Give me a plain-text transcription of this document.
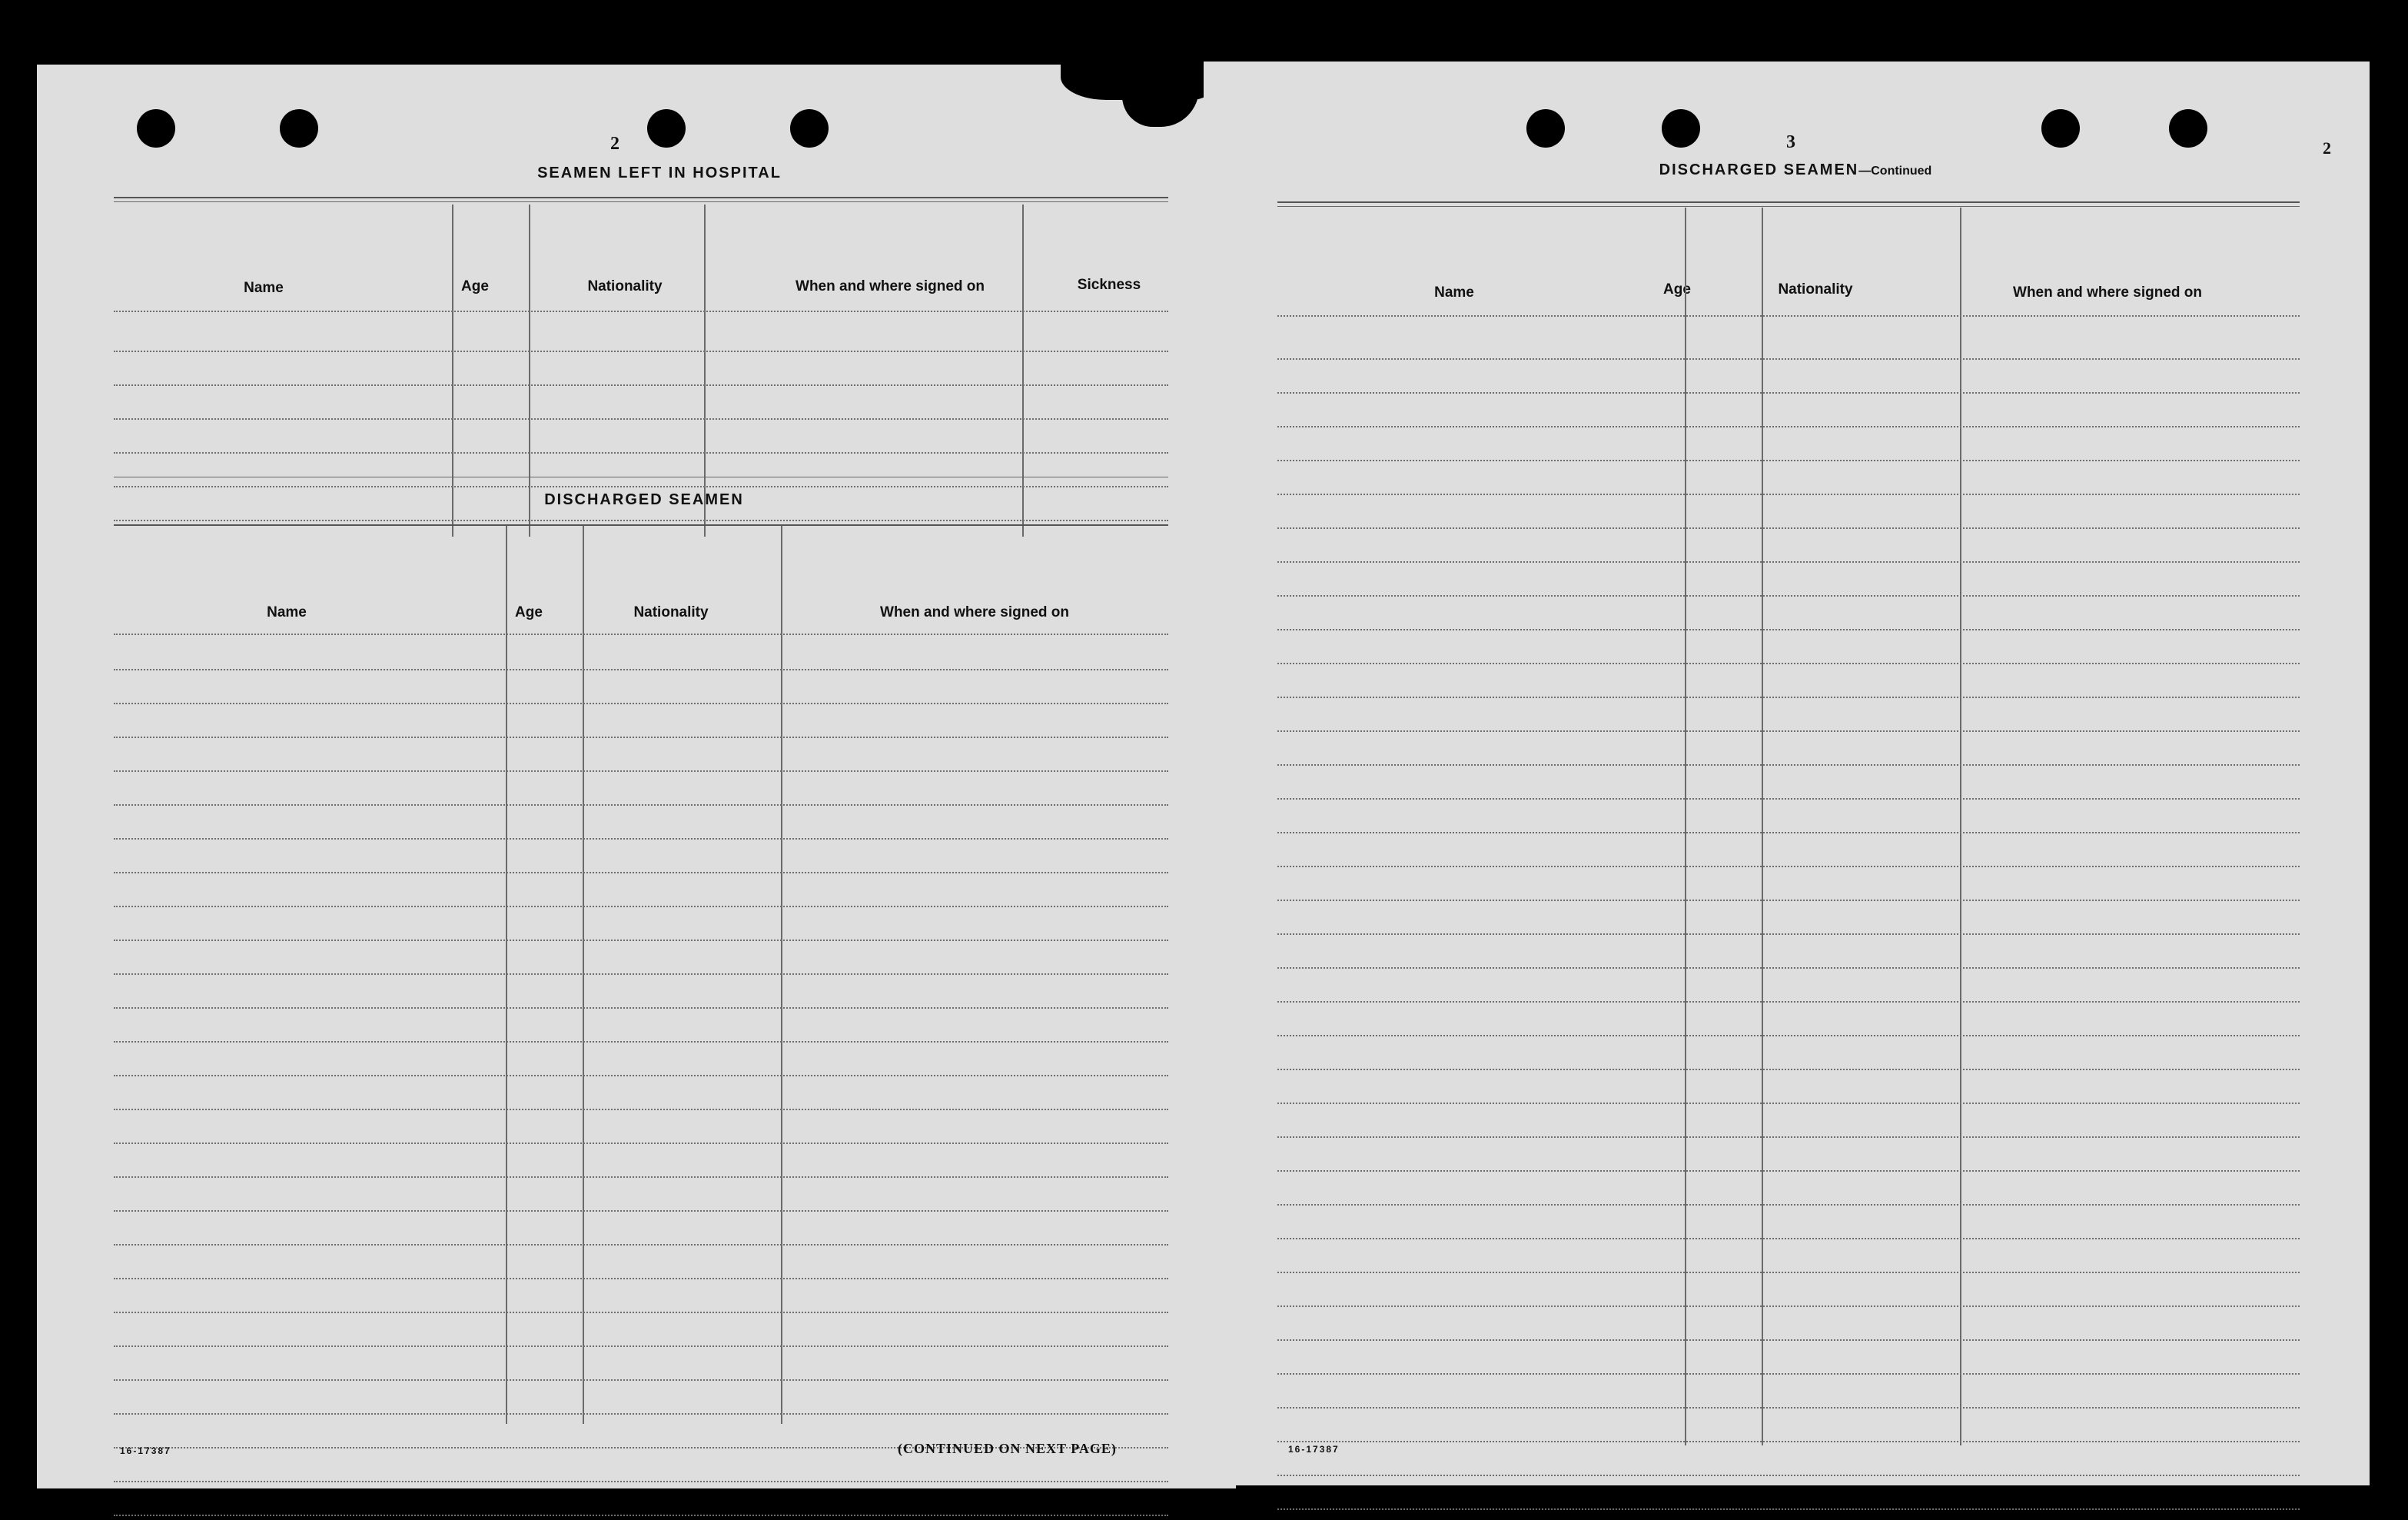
2
SEAMEN LEFT IN HOSPITAL
Name	Age	Nationality	When and where signed on	Sickness
DISCHARGED SEAMEN
Name	Age	Nationality	When and where signed on
16-17387	(CONTINUED ON NEXT PAGE)
3
DISCHARGED SEAMEN—Continued
2
Name	Age	Nationality	When and where signed on
16-17387
